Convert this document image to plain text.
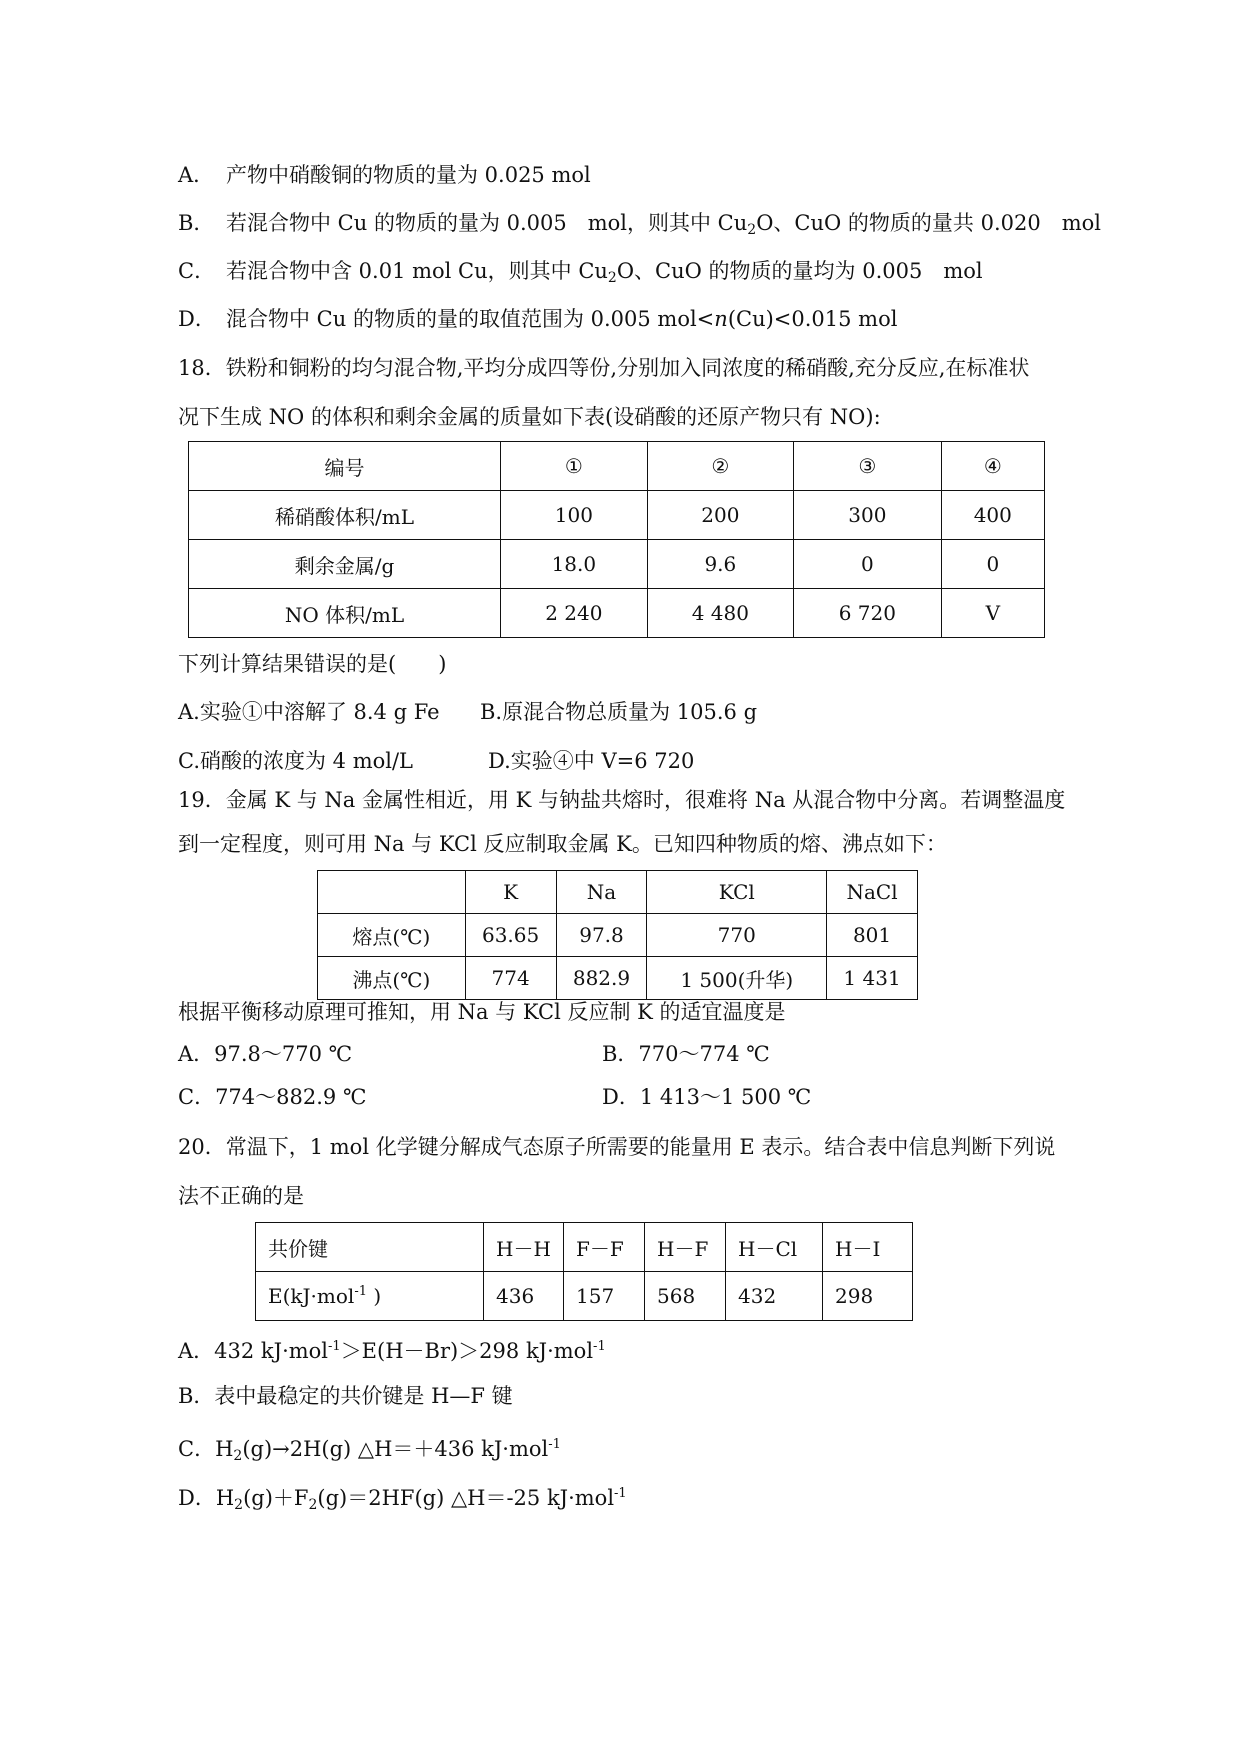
A． 产物中硝酸铜的物质的量为 0.025 mol
B． 若混合物中 Cu 的物质的量为 0.005　mol，则其中 $Cu_2O$、CuO 的物质的量共 0.020　mol
C． 若混合物中含 0.01 mol Cu，则其中 $Cu_2O$、CuO 的物质的量均为 0.005　mol
D． 混合物中 Cu 的物质的量的取值范围为 0.005 mol<n(Cu)<0.015 mol
18．铁粉和铜粉的均匀混合物,平均分成四等份,分别加入同浓度的稀硝酸,充分反应,在标准状
况下生成 NO 的体积和剩余金属的质量如下表(设硝酸的还原产物只有 NO):
编号	①	②	③	④
稀硝酸体积/mL	100	200	300	400
剩余金属/g	18.0	9.6	0	0
NO 体积/mL	2 240	4 480	6 720	V
下列计算结果错误的是(　　)
A.实验①中溶解了 8.4 g Fe B.原混合物总质量为 105.6 g
C.硝酸的浓度为 4 mol/L	D.实验④中 V=6 720
19．金属 K 与 Na 金属性相近，用 K 与钠盐共熔时，很难将 Na 从混合物中分离。若调整温度
到一定程度，则可用 Na 与 KCl 反应制取金属 K。已知四种物质的熔、沸点如下：
	K	Na	KCl	NaCl
熔点(℃)	63.65	97.8	770	801
沸点(℃)	774	882.9	1 500(升华)	1 431
根据平衡移动原理可推知，用 Na 与 KCl 反应制 K 的适宜温度是
A．97.8～770 ℃	B．770～774 ℃
C．774～882.9 ℃	D．1 413～1 500 ℃
20．常温下，1 mol 化学键分解成气态原子所需要的能量用 E 表示。结合表中信息判断下列说
法不正确的是
共价键	H－H	F－F	H－F	H－Cl	H－I
E(kJ·mol$^{-1}$ )	436	157	568	432	298
A．432 kJ·mol$^{-1}$＞E(H－Br)＞298 kJ·mol$^{-1}$
B．表中最稳定的共价键是 H—F 键
C．$H_2(g)\to 2H(g)$ △H＝＋436 kJ·mol$^{-1}$
D．$H_2(g)+F_2(g)=2HF(g)$ △H＝-25 kJ·mol$^{-1}$
